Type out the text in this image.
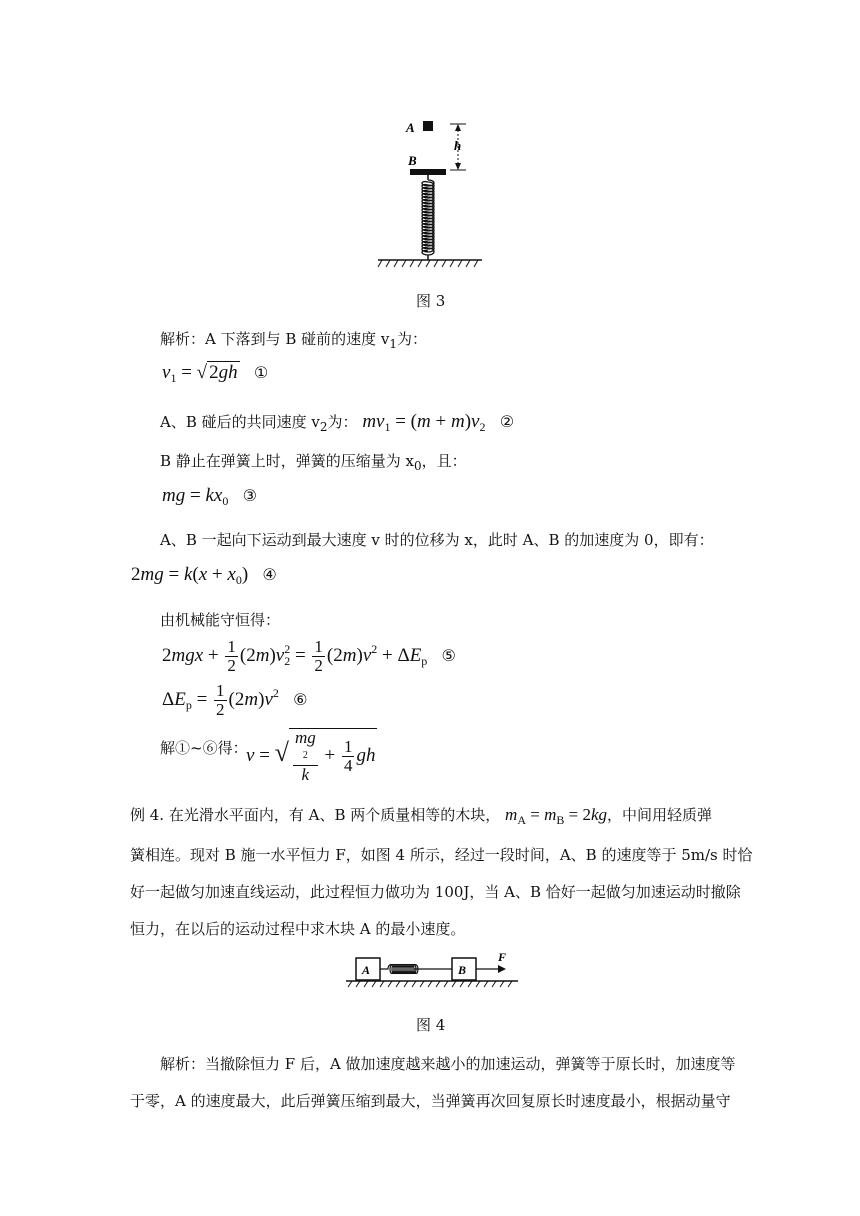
A
B
h
图 3
解析：A 下落到与 B 碰前的速度 $v_1$为：
$v_1$ = √ 2gh ①
A、B 碰后的共同速度 $v_2$为： $mv_1 = (m + m)v_2$ ②
B 静止在弹簧上时，弹簧的压缩量为 $x_0$，且：
mg = $kx_0$ ③
A、B 一起向下运动到最大速度 v 时的位移为 x，此时 A、B 的加速度为 0，即有：
$2mg = k(x + x_0)$ ④
由机械能守恒得：
$2mgx + \frac{1}{2} (2m)v_2^2 = \frac{1}{2} (2m)v^2 + \Delta E_p$ ⑤
$\Delta E_p = \frac{1}{2} (2m)v^2$ ⑥
解①~⑥得：
v = √ mg
2
$k + \frac{1}{4}$ gh
例 4. 在光滑水平面内，有 A、B 两个质量相等的木块， $m_A = m_B = 2kg$，中间用轻质弹
簧相连。现对 B 施一水平恒力 F，如图 4 所示，经过一段时间，A、B 的速度等于 5m/s 时恰
好一起做匀加速直线运动，此过程恒力做功为 100J，当 A、B 恰好一起做匀加速运动时撤除
恒力，在以后的运动过程中求木块 A 的最小速度。
A	B
F
图 4
解析：当撤除恒力 F 后，A 做加速度越来越小的加速运动，弹簧等于原长时，加速度等
于零，A 的速度最大，此后弹簧压缩到最大，当弹簧再次回复原长时速度最小，根据动量守
